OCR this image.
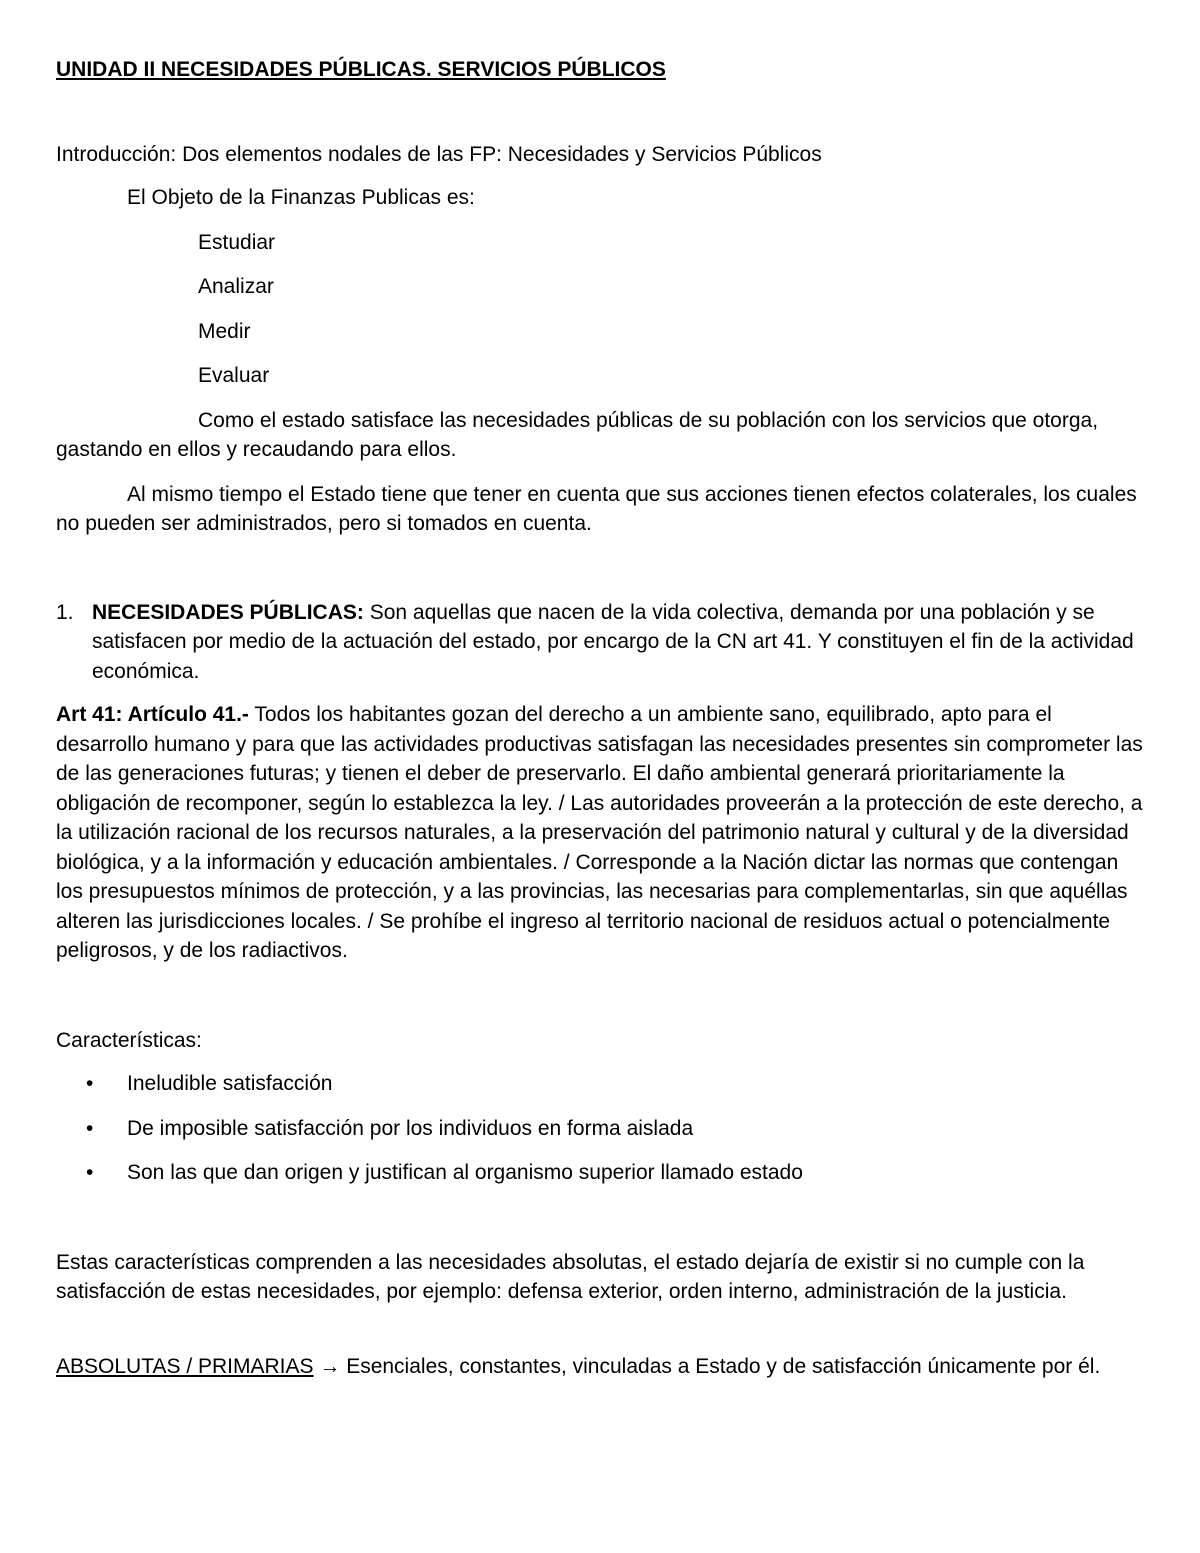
UNIDAD II NECESIDADES PÚBLICAS. SERVICIOS PÚBLICOS

Introducción: Dos elementos nodales de las FP: Necesidades y Servicios Públicos

El Objeto de la Finanzas Publicas es:

Estudiar

Analizar

Medir

Evaluar

Como el estado satisface las necesidades públicas de su población con los servicios que otorga, gastando en ellos y recaudando para ellos.

Al mismo tiempo el Estado tiene que tener en cuenta que sus acciones tienen efectos colaterales, los cuales no pueden ser administrados, pero si tomados en cuenta.

1. NECESIDADES PÚBLICAS: Son aquellas que nacen de la vida colectiva, demanda por una población y se satisfacen por medio de la actuación del estado, por encargo de la CN art 41. Y constituyen el fin de la actividad económica.

Art 41: Artículo 41.- Todos los habitantes gozan del derecho a un ambiente sano, equilibrado, apto para el desarrollo humano y para que las actividades productivas satisfagan las necesidades presentes sin comprometer las de las generaciones futuras; y tienen el deber de preservarlo. El daño ambiental generará prioritariamente la obligación de recomponer, según lo establezca la ley. / Las autoridades proveerán a la protección de este derecho, a la utilización racional de los recursos naturales, a la preservación del patrimonio natural y cultural y de la diversidad biológica, y a la información y educación ambientales. / Corresponde a la Nación dictar las normas que contengan los presupuestos mínimos de protección, y a las provincias, las necesarias para complementarlas, sin que aquéllas alteren las jurisdicciones locales. / Se prohíbe el ingreso al territorio nacional de residuos actual o potencialmente peligrosos, y de los radiactivos.

Características:

•	Ineludible satisfacción
•	De imposible satisfacción por los individuos en forma aislada
•	Son las que dan origen y justifican al organismo superior llamado estado

Estas características comprenden a las necesidades absolutas, el estado dejaría de existir si no cumple con la satisfacción de estas necesidades, por ejemplo: defensa exterior, orden interno, administración de la justicia.

ABSOLUTAS / PRIMARIAS → Esenciales, constantes, vinculadas a Estado y de satisfacción únicamente por él.
